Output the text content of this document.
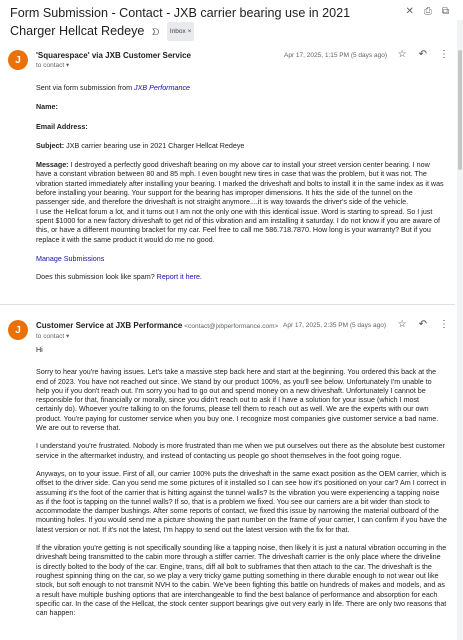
Form Submission - Contact - JXB carrier bearing use in 2021 Charger Hellcat Redeye ᗤ Inbox ×
✕ ⎙ ⧉
J	'Squarespace' via JXB Customer Service
to contact ▾
Apr 17, 2025, 1:15 PM (5 days ago) ☆ ↶ ⋮

Sent via form submission from JXB Performance

Name:

Email Address:

Subject: JXB carrier bearing use in 2021 Charger Hellcat Redeye

Message: I destroyed a perfectly good driveshaft bearing on my above car to install your street version center bearing. I now have a constant vibration between 80 and 85 mph. I even bought new tires in case that was the problem, but it was not. The vibration started immediately after installing your bearing. I marked the driveshaft and bolts to install it in the same index as it was before installing your bearing. Your support for the bearing has improper dimensions. It hits the side of the tunnel on the passenger side, and therefore the driveshaft is not straight anymore....it is way towards the driver's side of the vehicle.

I use the Hellcat forum a lot, and it turns out I am not the only one with this identical issue. Word is starting to spread. So I just spent $1000 for a new factory driveshaft to get rid of this vibration and am installing it saturday. I do not know if you are aware of this, or have a different mounting bracket for my car. Feel free to call me 586.718.7870. How long is your warranty? But if you replace it with the same product it would do me no good.

Manage Submissions

Does this submission look like spam? Report it here.

J	Customer Service at JXB Performance <contact@jxbperformance.com>
to contact ▾
Apr 17, 2025, 2:35 PM (5 days ago) ☆ ↶ ⋮

Hi

Sorry to hear you're having issues. Let's take a massive step back here and start at the beginning. You ordered this back at the end of 2023. You have not reached out since. We stand by our product 100%, as you'll see below. Unfortunately I'm unable to help you if you don't reach out. I'm sorry you had to go out and spend money on a new driveshaft. Unfortunately I cannot be responsible for that, financially or morally, since you didn't reach out to ask if I have a solution for your issue (which I most certainly do). Whoever you're talking to on the forums, please tell them to reach out as well. We are the experts with our own product. You're paying for customer service when you buy one. I recognize most companies give customer service a bad name. We are out to reverse that.

I understand you're frustrated. Nobody is more frustrated than me when we put ourselves out there as the absolute best customer service in the aftermarket industry, and instead of contacting us people go shoot themselves in the foot going rogue.

Anyways, on to your issue. First of all, our carrier 100% puts the driveshaft in the same exact position as the OEM carrier, which is offset to the driver side. Can you send me some pictures of it installed so I can see how it's positioned on your car? Am I correct in assuming it's the foot of the carrier that is hitting against the tunnel walls? Is the vibration you were experiencing a tapping noise as if the foot is tapping on the tunnel walls? If so, that is a problem we fixed. You see our carriers are a bit wider than stock to accommodate the damper bushings. After some reports of contact, we fixed this issue by narrowing the material outboard of the mounting holes. If you would send me a picture showing the part number on the frame of your carrier, I can confirm if you have the latest version or not. If it's not the latest, I'm happy to send out the latest version with the fix for that.

If the vibration you're getting is not specifically sounding like a tapping noise, then likely it is just a natural vibration occurring in the driveshaft being transmitted to the cabin more through a stiffer carrier. The driveshaft carrier is the only place where the driveline is directly bolted to the body of the car. Engine, trans, diff all bolt to subframes that then attach to the car. The driveshaft is the roughest spinning thing on the car, so we play a very tricky game putting something in there durable enough to not wear out like stock, but soft enough to not transmit NVH to the cabin. We've been fighting this battle on hundreds of makes and models, and as a result have multiple bushing options that are interchangeable to find the best balance of performance and absorption for each specific car. In the case of the Hellcat, the stock center support bearings give out very early in life. There are only two reasons that can happen:
